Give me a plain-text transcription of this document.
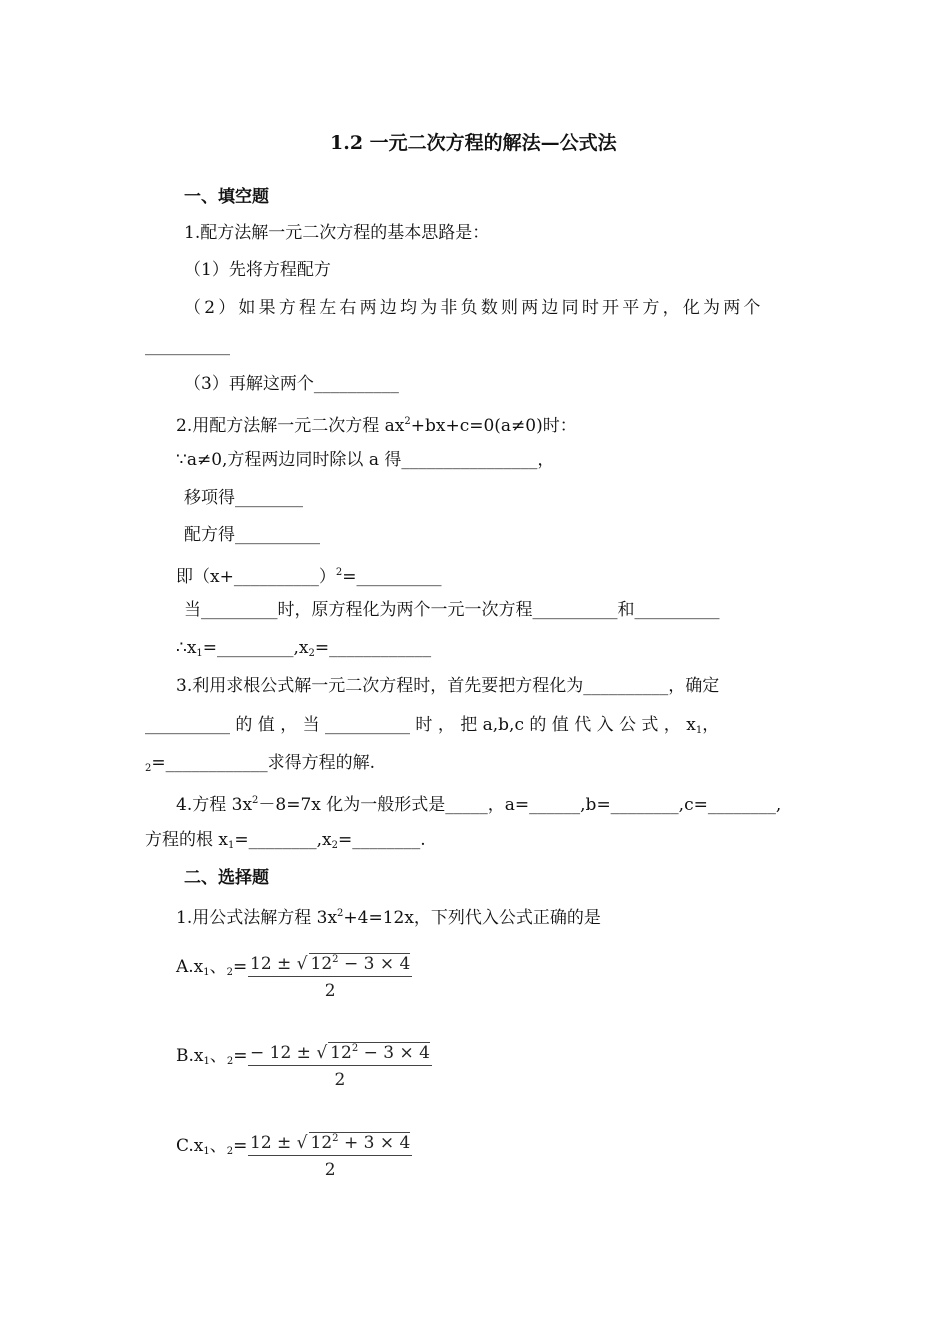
1.2 一元二次方程的解法—公式法
一、填空题
1.配方法解一元二次方程的基本思路是：
（1）先将方程配方
（2）如果方程左右两边均为非负数则两边同时开平方，化为两个
__________
（3）再解这两个__________
2.用配方法解一元二次方程 $ax^2+bx+c=0(a\ne 0)$时：
∵a≠0,方程两边同时除以 a 得________________，
移项得________
配方得__________
即（x+__________）$^2$=__________
当_________时，原方程化为两个一元一次方程__________和__________
$\therefore x_1=\_\_\_\_\_\_\_\_\_,x_2=\_\_\_\_\_\_\_\_\_\_\_\_$
3.利用求根公式解一元二次方程时，首先要把方程化为__________，确定
__________ 的 值 ， 当 __________ 时 ， 把 a,b,c 的 值 代 入 公 式 ， $x_1$，
$_2$=____________求得方程的解.
4.方程 $3x^2-8=7x$ 化为一般形式是_____，a=______,b=________,c=________,
方程的根 $x_1=\_\_\_\_\_\_\_\_,x_2=\_\_\_\_\_\_\_\_$.
二、选择题
1.用公式法解方程 $3x^2+4=12x$，下列代入公式正确的是
$A.x_1$、$_2= \frac{12 \pm √ 12^2 - 3 \times 4}{2}$
$B.x_1$、$_2= \frac{- 12 \pm √ 12^2 - 3 \times 4}{2}$
$C.x_1$、$_2= \frac{12 \pm √ 12^2 + 3 \times 4}{2}$
